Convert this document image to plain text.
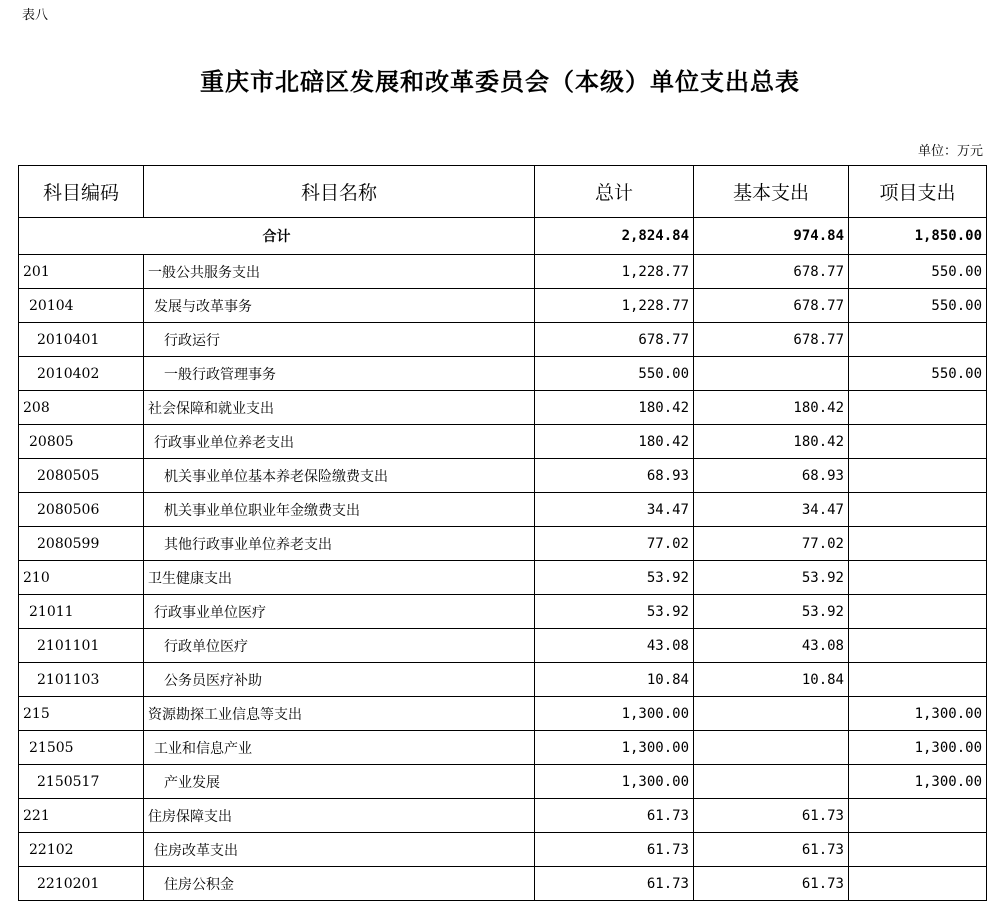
表八
重庆市北碚区发展和改革委员会（本级）单位支出总表
单位：万元
科目编码	科目名称	总计	基本支出	项目支出
合计		2,824.84	974.84	1,850.00
201	一般公共服务支出	1,228.77	678.77	550.00
20104	发展与改革事务	1,228.77	678.77	550.00
2010401	行政运行	678.77	678.77	
2010402	一般行政管理事务	550.00		550.00
208	社会保障和就业支出	180.42	180.42	
20805	行政事业单位养老支出	180.42	180.42	
2080505	机关事业单位基本养老保险缴费支出	68.93	68.93	
2080506	机关事业单位职业年金缴费支出	34.47	34.47	
2080599	其他行政事业单位养老支出	77.02	77.02	
210	卫生健康支出	53.92	53.92	
21011	行政事业单位医疗	53.92	53.92	
2101101	行政单位医疗	43.08	43.08	
2101103	公务员医疗补助	10.84	10.84	
215	资源勘探工业信息等支出	1,300.00		1,300.00
21505	工业和信息产业	1,300.00		1,300.00
2150517	产业发展	1,300.00		1,300.00
221	住房保障支出	61.73	61.73	
22102	住房改革支出	61.73	61.73	
2210201	住房公积金	61.73	61.73	
